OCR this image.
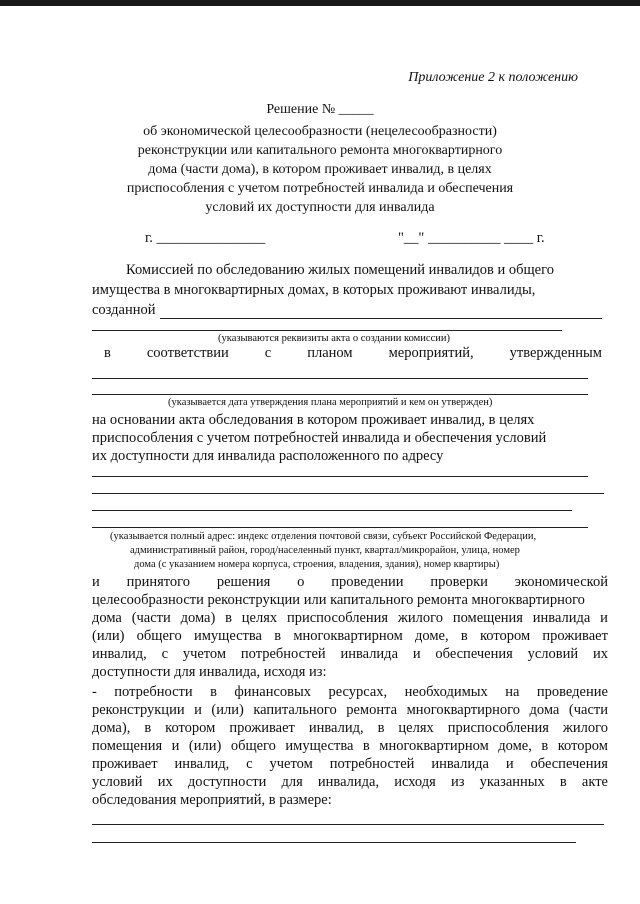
Приложение 2 к положению
Решение № _____
об экономической целесообразности (нецелесообразности)
реконструкции или капитального ремонта многоквартирного
дома (части дома), в котором проживает инвалид, в целях
приспособления с учетом потребностей инвалида и обеспечения
условий их доступности для инвалида
г. _______________	"__" __________ ____ г.
Комиссией по обследованию жилых помещений инвалидов и общего
имущества в многоквартирных домах, в которых проживают инвалиды,
созданной
(указываются реквизиты акта о создании комиссии)
в соответствии с планом мероприятий, утвержденным
(указывается дата утверждения плана мероприятий и кем он утвержден)
на основании акта обследования в котором проживает инвалид, в целях
приспособления с учетом потребностей инвалида и обеспечения условий
их доступности для инвалида расположенного по адресу
(указывается полный адрес: индекс отделения почтовой связи, субъект Российской Федерации,
административный район, город/населенный пункт, квартал/микрорайон, улица, номер
дома (с указанием номера корпуса, строения, владения, здания), номер квартиры)
и принятого решения о проведении проверки экономической
целесообразности реконструкции или капитального ремонта многоквартирного
дома (части дома) в целях приспособления жилого помещения инвалида и
(или) общего имущества в многоквартирном доме, в котором проживает
инвалид, с учетом потребностей инвалида и обеспечения условий их
доступности для инвалида, исходя из:
- потребности в финансовых ресурсах, необходимых на проведение
реконструкции и (или) капитального ремонта многоквартирного дома (части
дома), в котором проживает инвалид, в целях приспособления жилого
помещения и (или) общего имущества в многоквартирном доме, в котором
проживает инвалид, с учетом потребностей инвалида и обеспечения
условий их доступности для инвалида, исходя из указанных в акте
обследования мероприятий, в размере:
